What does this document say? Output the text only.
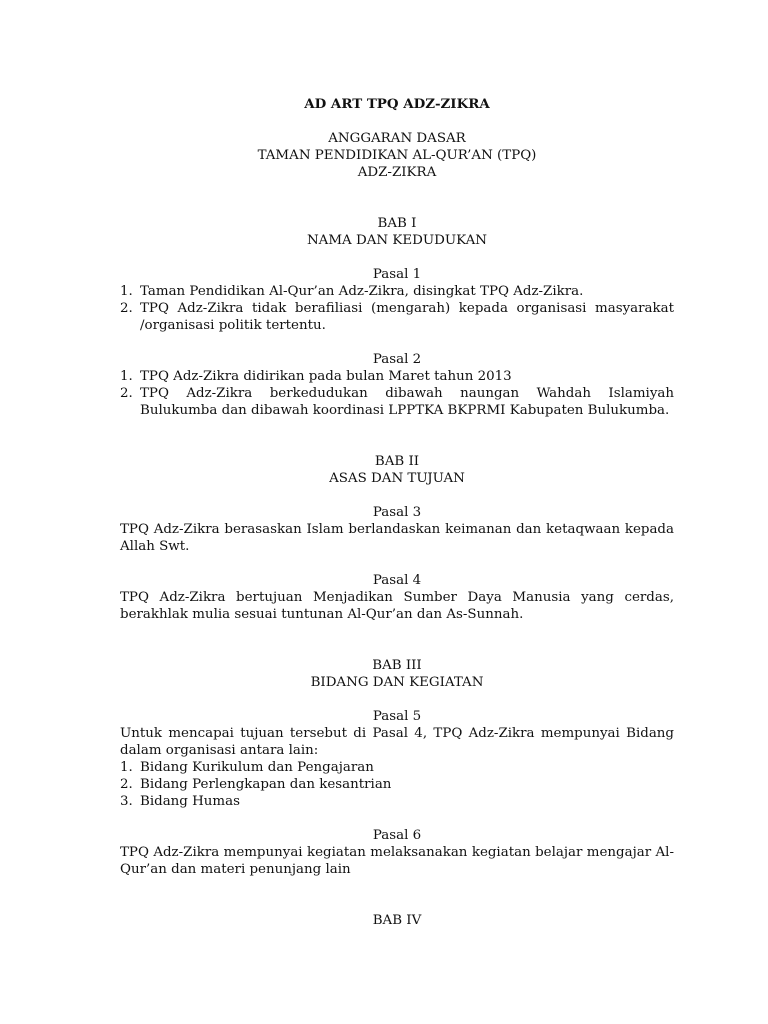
AD ART TPQ ADZ-ZIKRA
ANGGARAN DASAR
TAMAN PENDIDIKAN AL-QUR’AN (TPQ)
ADZ-ZIKRA
BAB I
NAMA DAN KEDUDUKAN
Pasal 1
1. Taman Pendidikan Al-Qur’an Adz-Zikra, disingkat TPQ Adz-Zikra.
2. TPQ Adz-Zikra tidak berafiliasi (mengarah) kepada organisasi masyarakat /organisasi politik tertentu.
Pasal 2
1. TPQ Adz-Zikra didirikan pada bulan Maret tahun 2013
2. TPQ Adz-Zikra berkedudukan dibawah naungan Wahdah Islamiyah Bulukumba dan dibawah koordinasi LPPTKA BKPRMI Kabupaten Bulukumba.
BAB II
ASAS DAN TUJUAN
Pasal 3
TPQ Adz-Zikra berasaskan Islam berlandaskan keimanan dan ketaqwaan kepada Allah Swt.
Pasal 4
TPQ Adz-Zikra bertujuan Menjadikan Sumber Daya Manusia yang cerdas, berakhlak mulia sesuai tuntunan Al-Qur’an dan As-Sunnah.
BAB III
BIDANG DAN KEGIATAN
Pasal 5
Untuk mencapai tujuan tersebut di Pasal 4, TPQ Adz-Zikra mempunyai Bidang dalam organisasi antara lain:
1. Bidang Kurikulum dan Pengajaran
2. Bidang Perlengkapan dan kesantrian
3. Bidang Humas
Pasal 6
TPQ Adz-Zikra mempunyai kegiatan melaksanakan kegiatan belajar mengajar Al-Qur’an dan materi penunjang lain
BAB IV
